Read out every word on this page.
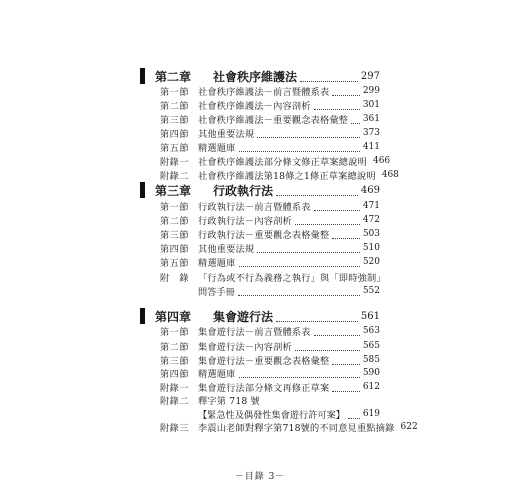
第二章	社會秩序維護法	297
第一節 社會秩序維護法－前言暨體系表	299
第二節 社會秩序維護法－內容剖析	301
第三節 社會秩序維護法－重要觀念表格彙整 361
第四節 其他重要法規	373
第五節 精選題庫	411
附錄一 社會秩序維護法部分條文修正草案總說明 466
附錄二 社會秩序維護法第18條之1條正草案總說明 468
第三章	行政執行法	469
第一節 行政執行法－前言暨體系表	471
第二節 行政執行法－內容剖析	472
第三節 行政執行法－重要觀念表格彙整	503
第四節 其他重要法規	510
第五節 精選題庫	520
附　錄 「行為或不行為義務之執行」與「即時強制」
問答手冊	552
第四章	集會遊行法	561
第一節 集會遊行法－前言暨體系表	563
第二節 集會遊行法－內容剖析	565
第三節 集會遊行法－重要觀念表格彙整	585
第四節 精選題庫	590
附錄一 集會遊行法部分條文再修正草案	612
附錄二 釋字第 718 號
【緊急性及偶發性集會遊行許可案】 619
附錄三 李震山老師對釋字第718號的不同意見重點摘錄 622
－目錄 3－
